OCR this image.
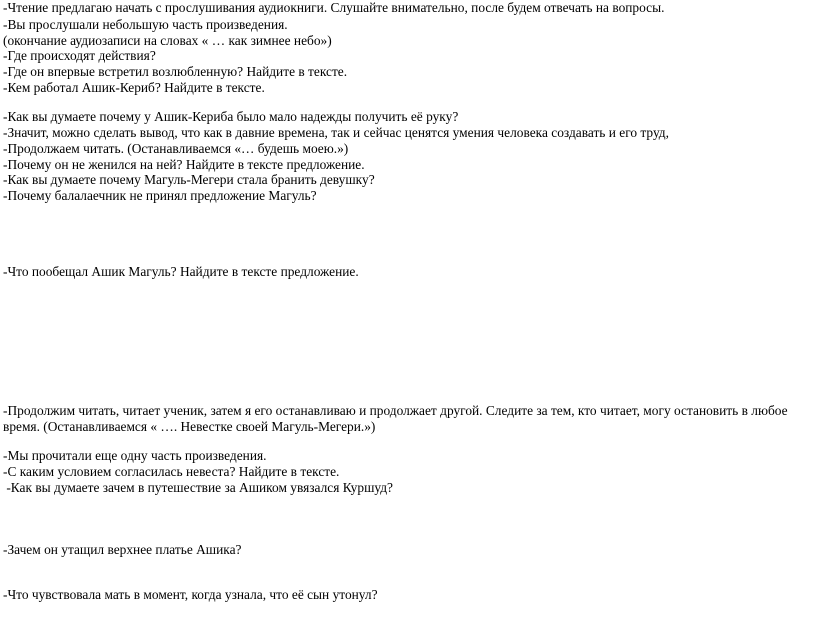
-Чтение предлагаю начать с прослушивания аудиокниги. Слушайте внимательно, после будем отвечать на вопросы.

-Вы прослушали небольшую часть произведения.

(окончание аудиозаписи на словах « … как зимнее небо»)

-Где происходят действия?

-Где он впервые встретил возлюбленную? Найдите в тексте.

-Кем работал Ашик-Кериб? Найдите в тексте.

-Как вы думаете почему у Ашик-Кериба было мало надежды получить её руку?

-Значит, можно сделать вывод, что как в давние времена, так и сейчас ценятся умения человека создавать и его труд,

-Продолжаем читать. (Останавливаемся «… будешь моею.»)

-Почему он не женился на ней? Найдите в тексте предложение.

-Как вы думаете почему Магуль-Мегери стала бранить девушку?

-Почему балалаечник не принял предложение Магуль?

-Что пообещал Ашик Магуль? Найдите в тексте предложение.

-Продолжим читать, читает ученик, затем я его останавливаю и продолжает другой. Следите за тем, кто читает, могу остановить в любое время. (Останавливаемся « …. Невестке своей Магуль-Мегери.»)

-Мы прочитали еще одну часть произведения.

-С каким условием согласилась невеста? Найдите в тексте.

-Как вы думаете зачем в путешествие за Ашиком увязался Куршуд?

-Зачем он утащил верхнее платье Ашика?

-Что чувствовала мать в момент, когда узнала, что её сын утонул?
